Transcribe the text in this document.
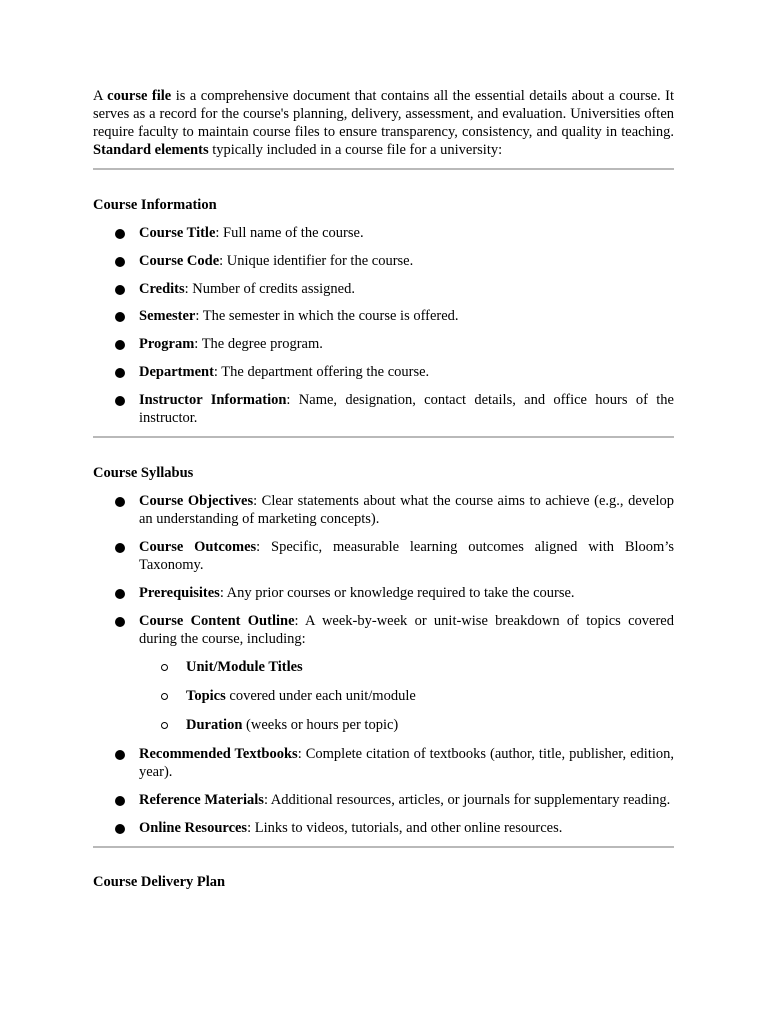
A course file is a comprehensive document that contains all the essential details about a course. It serves as a record for the course's planning, delivery, assessment, and evaluation. Universities often require faculty to maintain course files to ensure transparency, consistency, and quality in teaching. Standard elements typically included in a course file for a university:

Course Information
Course Title: Full name of the course.
Course Code: Unique identifier for the course.
Credits: Number of credits assigned.
Semester: The semester in which the course is offered.
Program: The degree program.
Department: The department offering the course.
Instructor Information: Name, designation, contact details, and office hours of the instructor.
Course Syllabus
Course Objectives: Clear statements about what the course aims to achieve (e.g., develop an understanding of marketing concepts).
Course Outcomes: Specific, measurable learning outcomes aligned with Bloom’s Taxonomy.
Prerequisites: Any prior courses or knowledge required to take the course.
Course Content Outline: A week-by-week or unit-wise breakdown of topics covered during the course, including:
Unit/Module Titles
Topics covered under each unit/module
Duration (weeks or hours per topic)
Recommended Textbooks: Complete citation of textbooks (author, title, publisher, edition, year).
Reference Materials: Additional resources, articles, or journals for supplementary reading.
Online Resources: Links to videos, tutorials, and other online resources.
Course Delivery Plan
